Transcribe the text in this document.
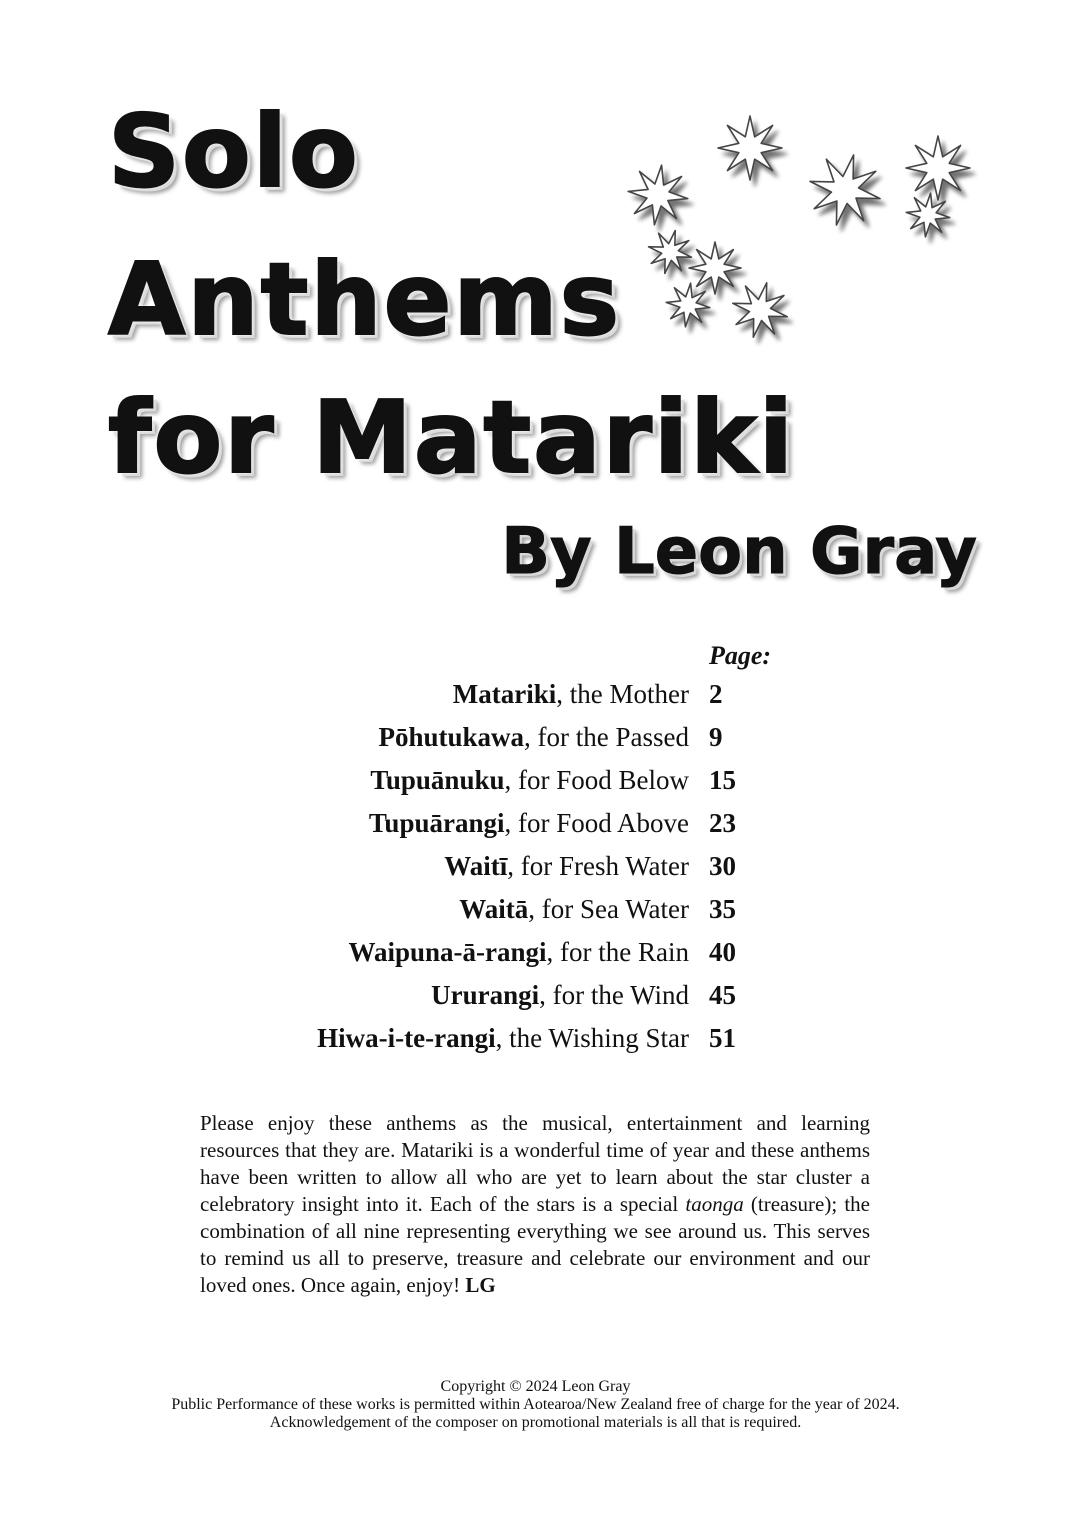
Solo
Anthems
for Matariki
By Leon Gray
Page:
Matariki, the Mother 2
Pōhutukawa, for the Passed 9
Tupuānuku, for Food Below 15
Tupuārangi, for Food Above 23
Waitī, for Fresh Water 30
Waitā, for Sea Water 35
Waipuna-ā-rangi, for the Rain 40
Ururangi, for the Wind 45
Hiwa-i-te-rangi, the Wishing Star 51

Please enjoy these anthems as the musical, entertainment and learning resources that they are. Matariki is a wonderful time of year and these anthems have been written to allow all who are yet to learn about the star cluster a celebratory insight into it. Each of the stars is a special taonga (treasure); the combination of all nine representing everything we see around us. This serves to remind us all to preserve, treasure and celebrate our environment and our loved ones. Once again, enjoy! LG

Copyright © 2024 Leon Gray
Public Performance of these works is permitted within Aotearoa/New Zealand free of charge for the year of 2024.
Acknowledgement of the composer on promotional materials is all that is required.
